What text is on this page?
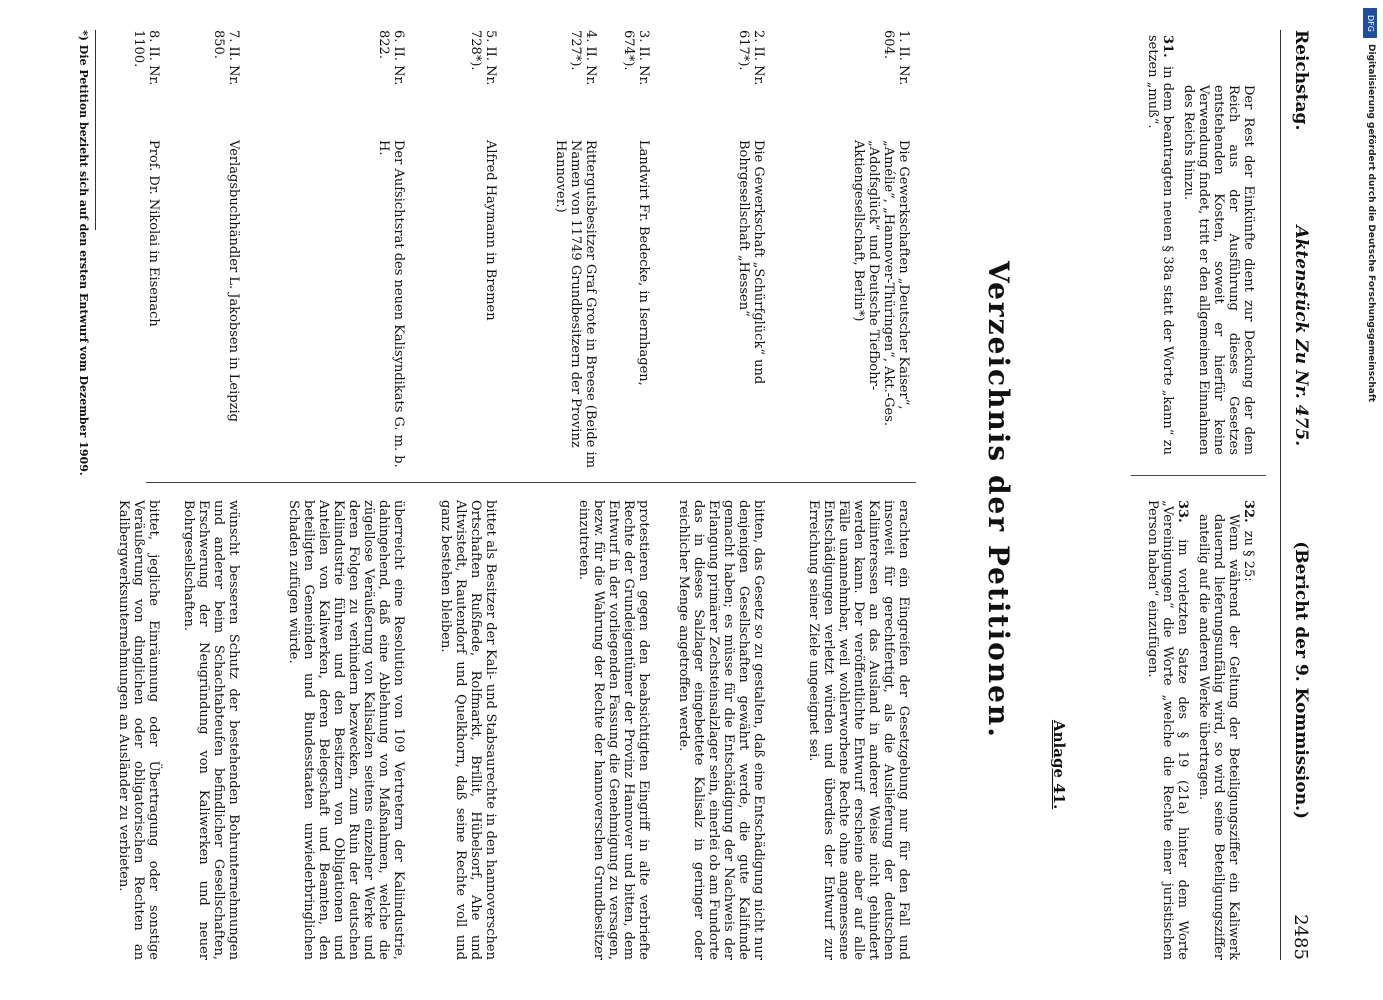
Reichstag.
Aktenstück Zu Nr. 475.
(Bericht der 9. Kommission.)
2485

Der Rest der Einkünfte dient zur Deckung der dem Reich aus der Ausführung dieses Gesetzes entstehenden Kosten, soweit er hierfür keine Verwendung findet, tritt er den allgemeinen Einnahmen des Reichs hinzu.

31. in dem beantragten neuen § 38a statt der Worte „kann“ zu setzen „muß“.

32. zu § 25:
Wenn während der Geltung der Beteiligungsziffer ein Kaliwerk dauernd lieferungsunfähig wird, so wird seine Beteiligungsziffer anteilig auf die anderen Werke übertragen.

33. im vorletzten Satze des § 19 (21a) hinter dem Worte „Vereinigungen“ die Worte „welche die Rechte einer juristischen Person haben“ einzufügen.

Anlage 41.
Verzeichnis der Petitionen.
1. II. Nr. 604.
Die Gewerkschaften „Deutscher Kaiser“, „Amélie“, „Hannover-Thüringen“, Akt.-Ges. „Adolfsglück“ und Deutsche Tiefbohr-Aktiengesellschaft, Berlin*)
erachten ein Eingreifen der Gesetzgebung nur für den Fall und insoweit für gerechtfertigt, als die Auslieferung der deutschen Kaliinteressen an das Ausland in anderer Weise nicht gehindert werden kann. Der veröffentlichte Entwurf erscheine aber auf alle Fälle unannehmbar, weil wohlerworbene Rechte ohne angemessene Entschädigungen verletzt würden und überdies der Entwurf zur Erreichung seiner Ziele ungeeignet sei.
2. II. Nr. 617*).
Die Gewerkschaft „Schürfglück“ und Bohrgesellschaft „Hessen“
bitten, das Gesetz so zu gestalten, daß eine Entschädigung nicht nur denjenigen Gesellschaften gewährt werde, die gute Kalifunde gemacht haben; es müsse für die Entschädigung der Nachweis der Erlangung primärer Zechsteinsalzlager sein, einerlei ob am Fundorte das in dieses Salzlager eingebettete Kalisalz in geringer oder reichlicher Menge angetroffen werde.
3. II. Nr. 674*).
Landwirt Fr. Bedecke, in Isernhagen,
protestieren gegen den beabsichtigten Eingriff in alte verbriefte Rechte der Grundeigentümer der Provinz Hannover und bitten, dem Entwurf in der vorliegenden Fassung die Genehmigung zu versagen, bezw. für die Wahrung der Rechte der hannoverschen Grundbesitzer einzutreten.
4. II. Nr. 727*).
Rittergutsbesitzer Graf Grote in Breese (Beide im Namen von 11749 Grundbesitzern der Provinz Hannover.)
5. II. Nr. 728*).
Alfred Haymann in Bremen
bittet als Besitzer der Kali- und Stabsaurechte in den hannoverschen Ortschaften Rußfiede, Rolfmarkt, Brillit, Hübelsorf, Ahe und Altwistedt, Rautendorf und Quelkhorn, daß seine Rechte voll und ganz bestehen bleiben.
6. II. Nr. 822.
Der Aufsichtsrat des neuen Kalisyndikats G. m. b. H.
überreicht eine Resolution von 109 Vertretern der Kaliindustrie, dahingehend, daß eine Ablehnung von Maßnahmen, welche die zügellose Veräußerung von Kalisalzen seitens einzelner Werke und deren Folgen zu verhindern bezwecken, zum Ruin der deutschen Kaliindustrie führen und den Besitzern von Obligationen und Anteilen von Kaliwerken, deren Belegschaft und Beamten, den beteiligten Gemeinden und Bundesstaaten unwiederbringlichen Schaden zufügen würde.
7. II. Nr. 850.
Verlagsbuchhändler L. Jakobsen in Leipzig
wünscht besseren Schutz der bestehenden Bohrunternehmungen und anderer beim Schachtabteufen befindlicher Gesellschaften, Erschwerung der Neugründung von Kaliwerken und neuer Bohrgesellschaften.
8. II. Nr. 1100.
Prof. Dr. Nikolai in Eisenach
bittet, jegliche Einräumung oder Übertragung oder sonstige Veräußerung von dinglichen oder obligatorischen Rechten an Kalibergwerksunternehmungen an Ausländer zu verbieten.
*) Die Petition bezieht sich auf den ersten Entwurf vom Dezember 1909.
DFG
Digitalisierung gefördert durch die Deutsche Forschungsgemeinschaft
